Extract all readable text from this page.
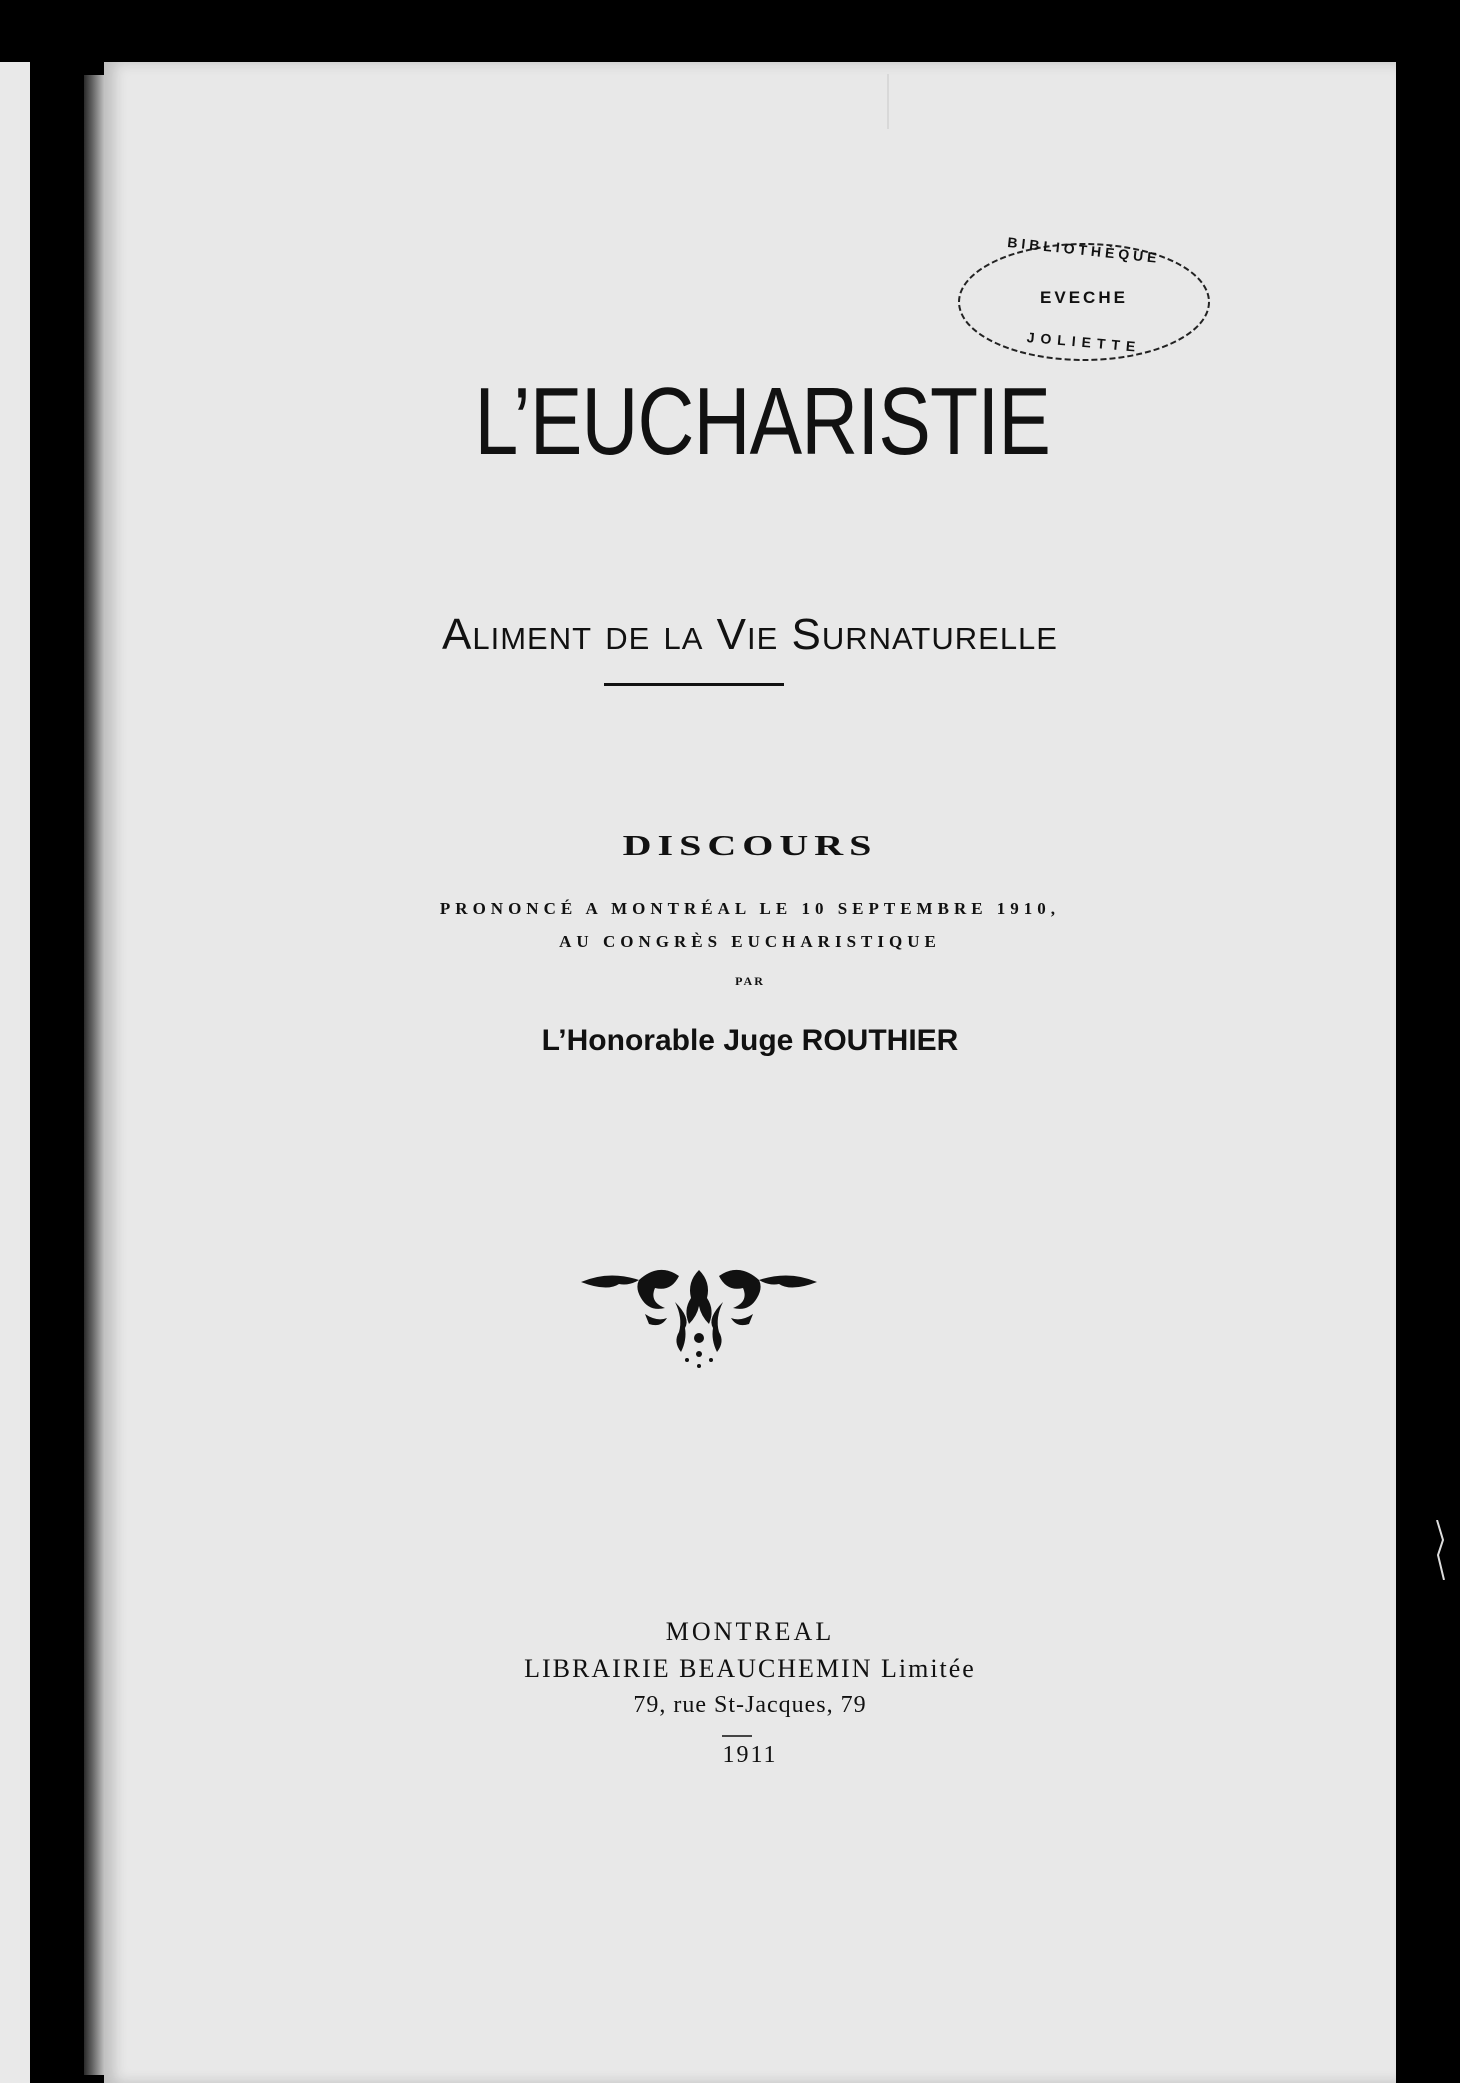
L’EUCHARISTIE
Aliment de la Vie Surnaturelle
DISCOURS
PRONONCÉ A MONTRÉAL LE 10 SEPTEMBRE 1910,
AU CONGRÈS EUCHARISTIQUE
PAR
L’Honorable Juge ROUTHIER
MONTREAL
LIBRAIRIE BEAUCHEMIN Limitée
79, rue St-Jacques, 79
1911
BIBLIOTHÈQUE
EVECHE
JOLIETTE
